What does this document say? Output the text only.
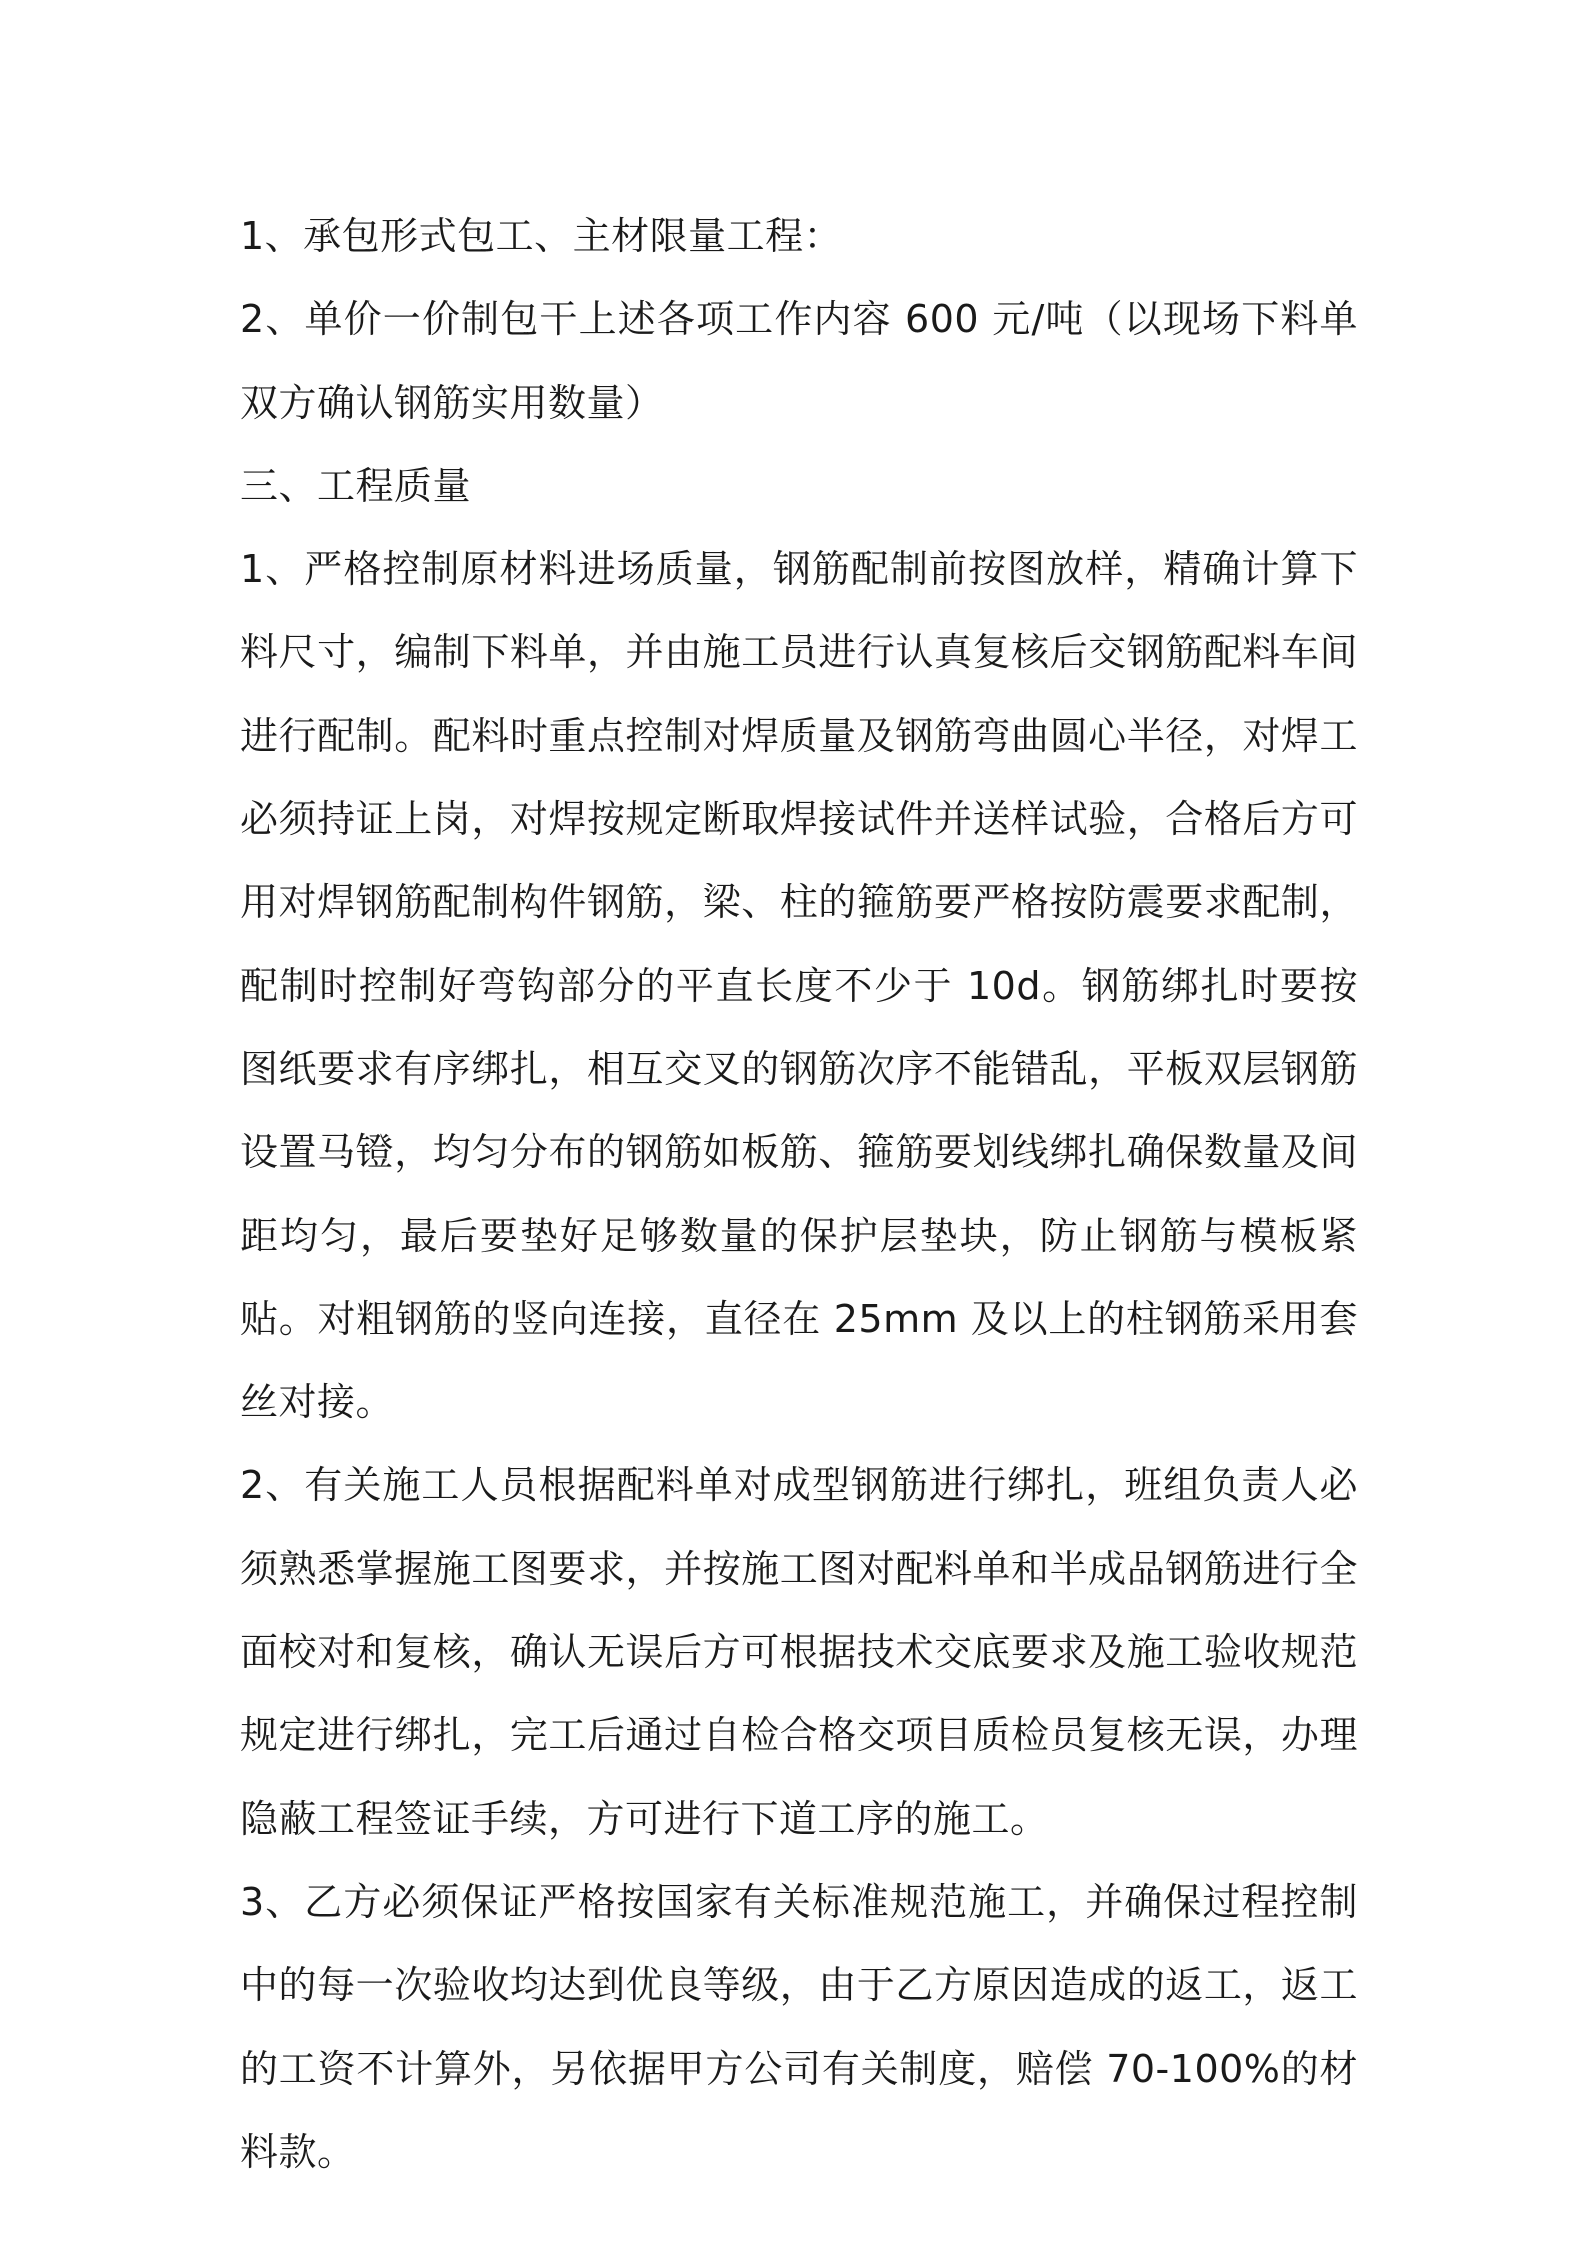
1、承包形式包工、主材限量工程：

2、单价一价制包干上述各项工作内容 600 元/吨（以现场下料单双方确认钢筋实用数量）

三、工程质量

1、严格控制原材料进场质量，钢筋配制前按图放样，精确计算下料尺寸，编制下料单，并由施工员进行认真复核后交钢筋配料车间进行配制。配料时重点控制对焊质量及钢筋弯曲圆心半径，对焊工必须持证上岗，对焊按规定断取焊接试件并送样试验，合格后方可用对焊钢筋配制构件钢筋，梁、柱的箍筋要严格按防震要求配制，配制时控制好弯钩部分的平直长度不少于 10d。钢筋绑扎时要按图纸要求有序绑扎，相互交叉的钢筋次序不能错乱，平板双层钢筋设置马镫，均匀分布的钢筋如板筋、箍筋要划线绑扎确保数量及间距均匀，最后要垫好足够数量的保护层垫块，防止钢筋与模板紧贴。对粗钢筋的竖向连接，直径在 25mm 及以上的柱钢筋采用套丝对接。

2、有关施工人员根据配料单对成型钢筋进行绑扎，班组负责人必须熟悉掌握施工图要求，并按施工图对配料单和半成品钢筋进行全面校对和复核，确认无误后方可根据技术交底要求及施工验收规范规定进行绑扎，完工后通过自检合格交项目质检员复核无误，办理隐蔽工程签证手续，方可进行下道工序的施工。

3、乙方必须保证严格按国家有关标准规范施工，并确保过程控制中的每一次验收均达到优良等级，由于乙方原因造成的返工，返工的工资不计算外，另依据甲方公司有关制度，赔偿 70-100%的材料款。
